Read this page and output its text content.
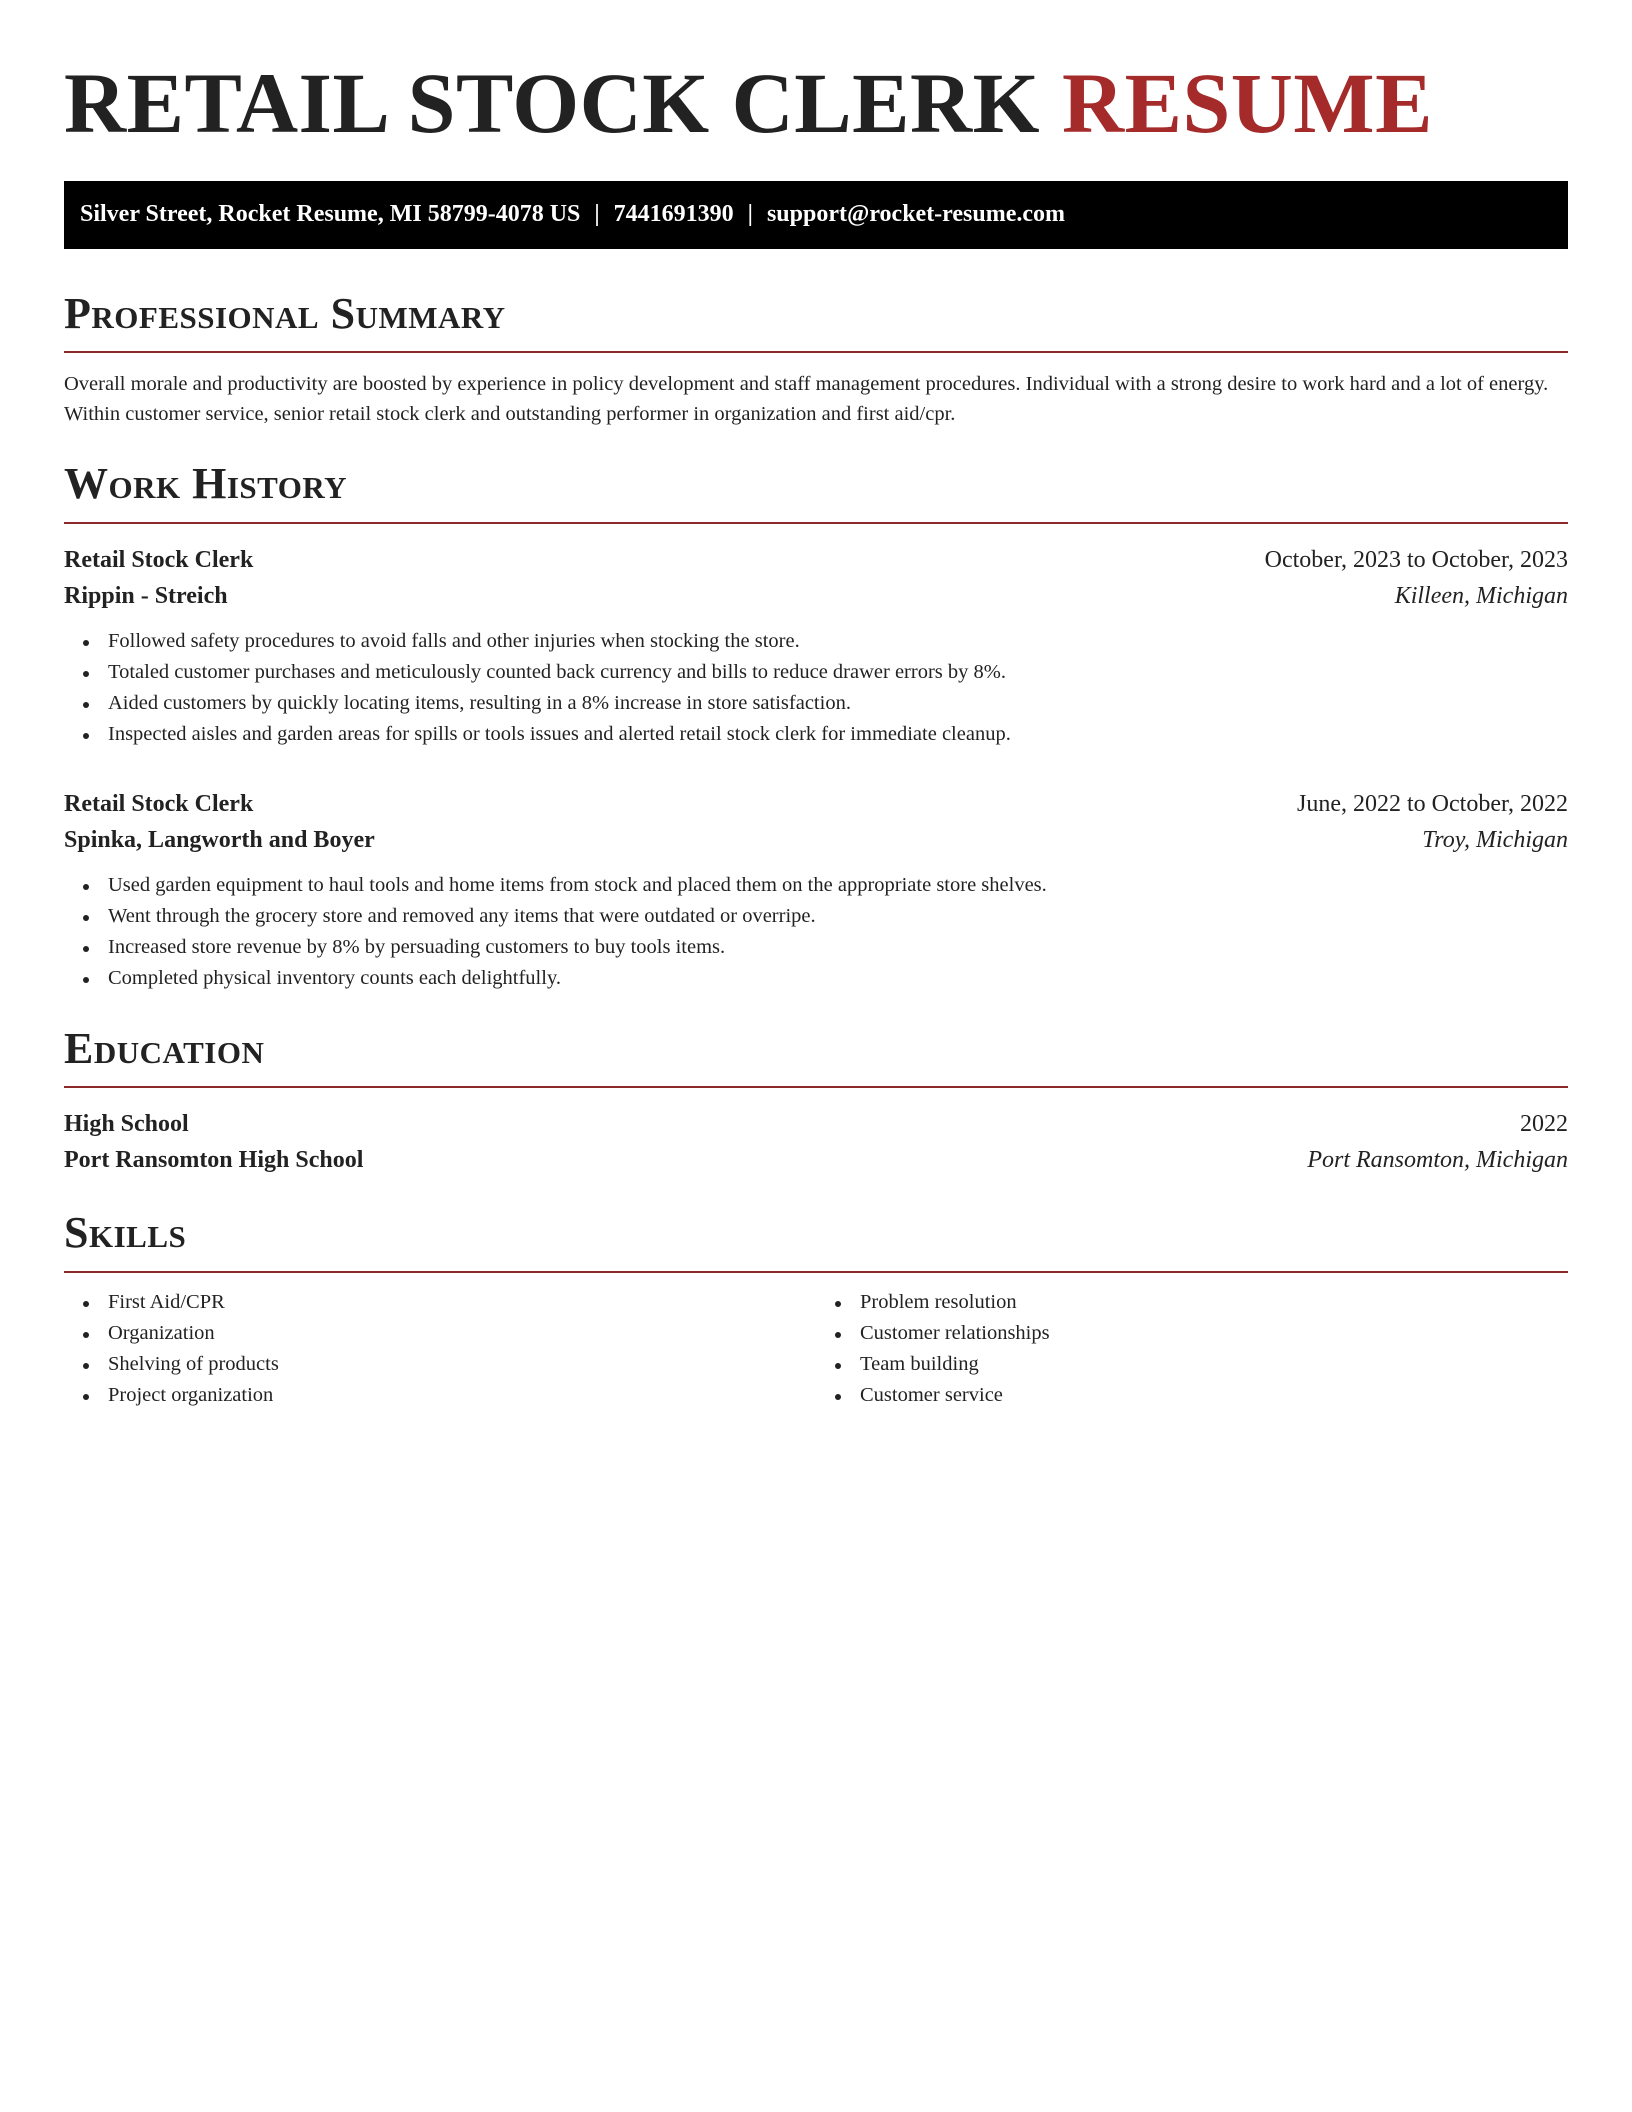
RETAIL STOCK CLERK RESUME
Silver Street, Rocket Resume, MI 58799-4078 US | 7441691390 | support@rocket-resume.com
Professional Summary

Overall morale and productivity are boosted by experience in policy development and staff management procedures. Individual with a strong desire to work hard and a lot of energy. Within customer service, senior retail stock clerk and outstanding performer in organization and first aid/cpr.

Work History
Retail Stock Clerk	October, 2023 to October, 2023
Rippin - Streich	Killeen, Michigan
Followed safety procedures to avoid falls and other injuries when stocking the store.
Totaled customer purchases and meticulously counted back currency and bills to reduce drawer errors by 8%.
Aided customers by quickly locating items, resulting in a 8% increase in store satisfaction.
Inspected aisles and garden areas for spills or tools issues and alerted retail stock clerk for immediate cleanup.
Retail Stock Clerk	June, 2022 to October, 2022
Spinka, Langworth and Boyer	Troy, Michigan
Used garden equipment to haul tools and home items from stock and placed them on the appropriate store shelves.
Went through the grocery store and removed any items that were outdated or overripe.
Increased store revenue by 8% by persuading customers to buy tools items.
Completed physical inventory counts each delightfully.
Education
High School	2022
Port Ransomton High School	Port Ransomton, Michigan
Skills
First Aid/CPR
Organization
Shelving of products
Project organization
Problem resolution
Customer relationships
Team building
Customer service
